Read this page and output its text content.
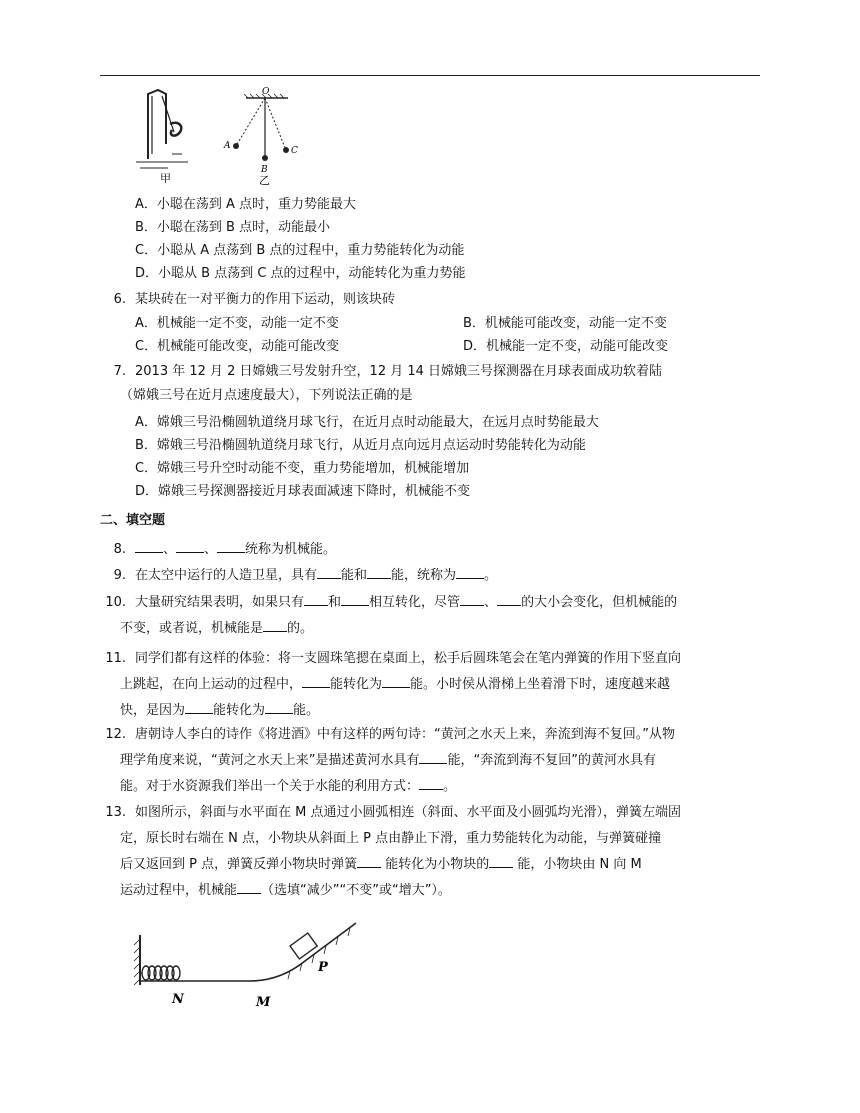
甲
O
A
B
C
乙
A．小聪在荡到 A 点时，重力势能最大
B．小聪在荡到 B 点时，动能最小
C．小聪从 A 点荡到 B 点的过程中，重力势能转化为动能
D．小聪从 B 点荡到 C 点的过程中，动能转化为重力势能
6. 某块砖在一对平衡力的作用下运动，则该块砖
A．机械能一定不变，动能一定不变	B．机械能可能改变，动能一定不变
C．机械能可能改变，动能可能改变	D．机械能一定不变，动能可能改变
7. 2013 年 12 月 2 日嫦娥三号发射升空，12 月 14 日嫦娥三号探测器在月球表面成功软着陆
（嫦娥三号在近月点速度最大），下列说法正确的是
A．嫦娥三号沿椭圆轨道绕月球飞行，在近月点时动能最大，在远月点时势能最大
B．嫦娥三号沿椭圆轨道绕月球飞行，从近月点向远月点运动时势能转化为动能
C．嫦娥三号升空时动能不变，重力势能增加，机械能增加
D．嫦娥三号探测器接近月球表面减速下降时，机械能不变
二、填空题
8.	、 、 统称为机械能。
9. 在太空中运行的人造卫星，具有 能和 能，统称为 。
10. 大量研究结果表明，如果只有 和 相互转化，尽管 、 的大小会变化，但机械能的
不变，或者说，机械能是 的。
11. 同学们都有这样的体验：将一支圆珠笔摁在桌面上，松手后圆珠笔会在笔内弹簧的作用下竖直向
上跳起，在向上运动的过程中， 能转化为 能。小时侯从滑梯上坐着滑下时，速度越来越
快，是因为 能转化为 能。
12. 唐朝诗人李白的诗作《将进酒》中有这样的两句诗：“黄河之水天上来，奔流到海不复回。”从物
理学角度来说，“黄河之水天上来”是描述黄河水具有 能，“奔流到海不复回”的黄河水具有
能。对于水资源我们举出一个关于水能的利用方式： 。
13. 如图所示，斜面与水平面在 M 点通过小圆弧相连（斜面、水平面及小圆弧均光滑），弹簧左端固
定，原长时右端在 N 点，小物块从斜面上 P 点由静止下滑，重力势能转化为动能，与弹簧碰撞
后又返回到 P 点，弹簧反弹小物块时弹簧 能转化为小物块的 能，小物块由 N 向 M
运动过程中，机械能 （选填“减少”“不变”或“增大”）。
N	M
P
